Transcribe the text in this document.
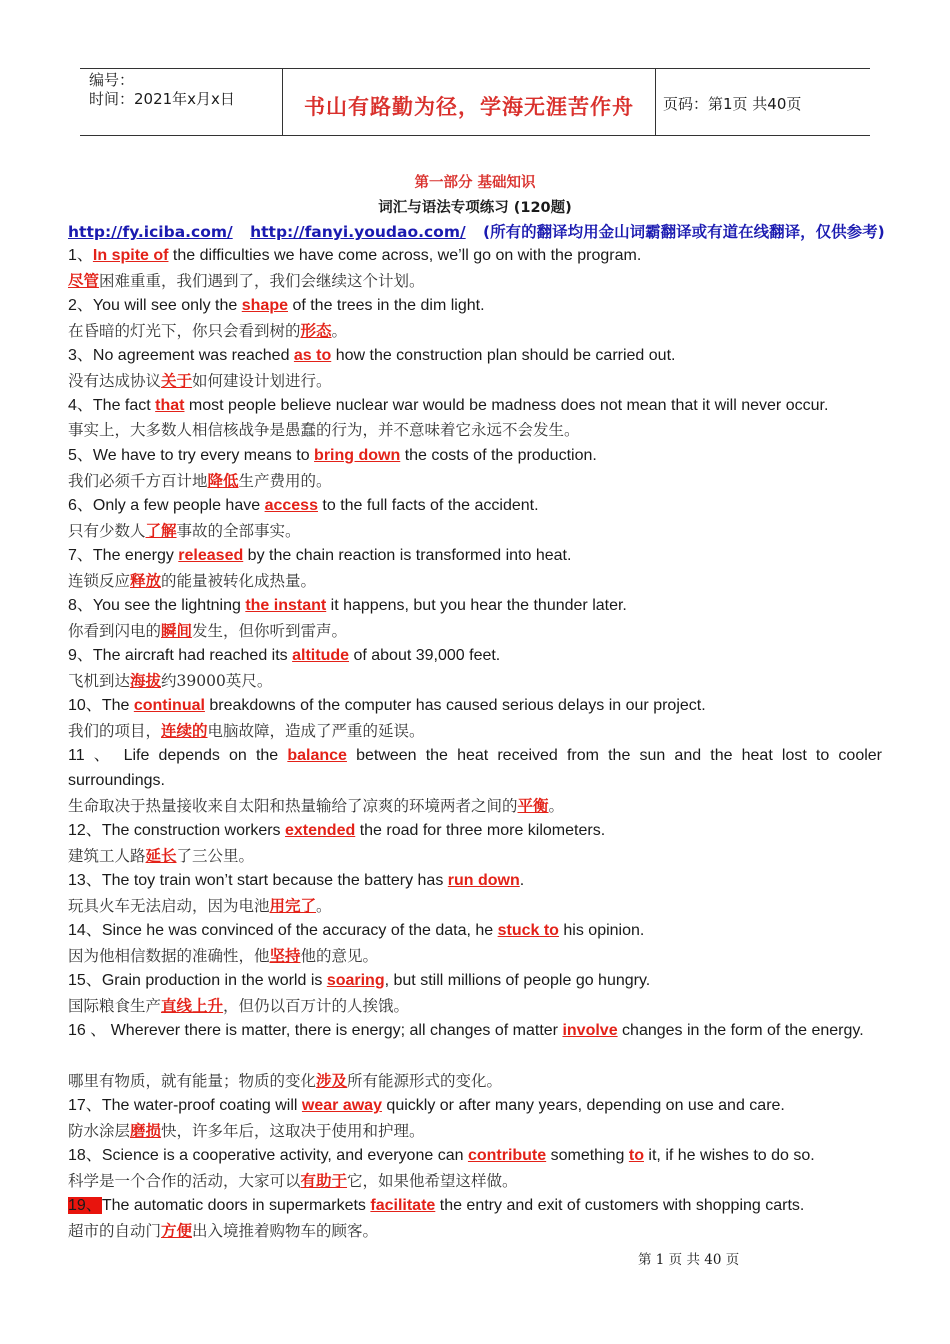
编号：
时间：2021年x月x日	书山有路勤为径，学海无涯苦作舟	页码：第1页 共40页
第一部分 基础知识
词汇与语法专项练习 (120题)
http://fy.iciba.com/ http://fanyi.youdao.com/ (所有的翻译均用金山词霸翻译或有道在线翻译，仅供参考)
1、In spite of the difficulties we have come across, we’ll go on with the program.
尽管困难重重，我们遇到了，我们会继续这个计划。
2、You will see only the shape of the trees in the dim light.
在昏暗的灯光下，你只会看到树的形态。
3、No agreement was reached as to how the construction plan should be carried out.
没有达成协议关于如何建设计划进行。
4、The fact that most people believe nuclear war would be madness does not mean that it will never occur.
事实上，大多数人相信核战争是愚蠢的行为，并不意味着它永远不会发生。
5、We have to try every means to bring down the costs of the production.
我们必须千方百计地降低生产费用的。
6、Only a few people have access to the full facts of the accident.
只有少数人了解事故的全部事实。
7、The energy released by the chain reaction is transformed into heat.
连锁反应释放的能量被转化成热量。
8、You see the lightning the instant it happens, but you hear the thunder later.
你看到闪电的瞬间发生，但你听到雷声。
9、The aircraft had reached its altitude of about 39,000 feet.
飞机到达海拔约39000英尺。
10、The continual breakdowns of the computer has caused serious delays in our project.
我们的项目，连续的电脑故障，造成了严重的延误。
11 、 Life depends on the balance between the heat received from the sun and the heat lost to cooler surroundings.
生命取决于热量接收来自太阳和热量输给了凉爽的环境两者之间的平衡。
12、The construction workers extended the road for three more kilometers.
建筑工人路延长了三公里。
13、The toy train won’t start because the battery has run down.
玩具火车无法启动，因为电池用完了。
14、Since he was convinced of the accuracy of the data, he stuck to his opinion.
因为他相信数据的准确性，他坚持他的意见。
15、Grain production in the world is soaring, but still millions of people go hungry.
国际粮食生产直线上升，但仍以百万计的人挨饿。
16 、 Wherever there is matter, there is energy; all changes of matter involve changes in the form of the energy.
哪里有物质，就有能量；物质的变化涉及所有能源形式的变化。
17、The water-proof coating will wear away quickly or after many years, depending on use and care.
防水涂层磨损快，许多年后，这取决于使用和护理。
18、Science is a cooperative activity, and everyone can contribute something to it, if he wishes to do so.
科学是一个合作的活动，大家可以有助于它，如果他希望这样做。
19、The automatic doors in supermarkets facilitate the entry and exit of customers with shopping carts.
超市的自动门方便出入境推着购物车的顾客。
第 1 页 共 40 页
